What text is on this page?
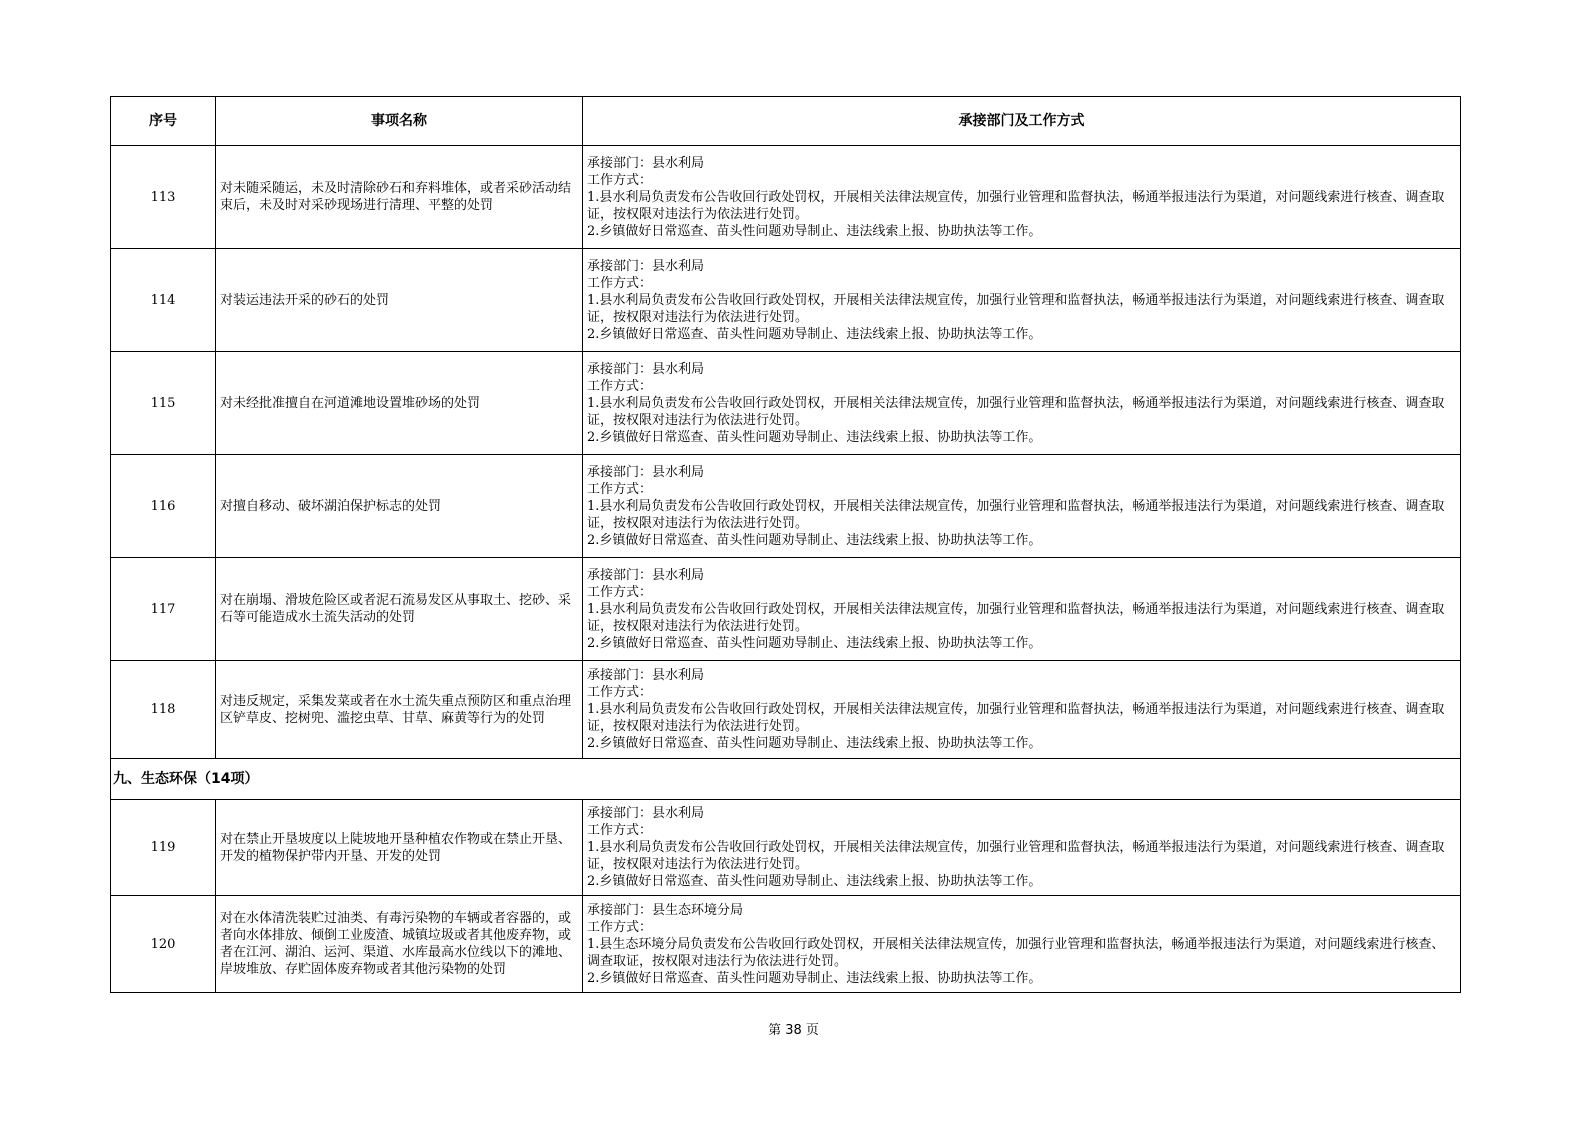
序号	事项名称	承接部门及工作方式
113	对未随采随运，未及时清除砂石和弃料堆体，或者采砂活动结束后，未及时对采砂现场进行清理、平整的处罚	承接部门：县水利局
工作方式：
1.县水利局负责发布公告收回行政处罚权，开展相关法律法规宣传，加强行业管理和监督执法，畅通举报违法行为渠道，对问题线索进行核查、调查取证，按权限对违法行为依法进行处罚。
2.乡镇做好日常巡查、苗头性问题劝导制止、违法线索上报、协助执法等工作。
114	对装运违法开采的砂石的处罚	承接部门：县水利局
工作方式：
1.县水利局负责发布公告收回行政处罚权，开展相关法律法规宣传，加强行业管理和监督执法，畅通举报违法行为渠道，对问题线索进行核查、调查取证，按权限对违法行为依法进行处罚。
2.乡镇做好日常巡查、苗头性问题劝导制止、违法线索上报、协助执法等工作。
115	对未经批准擅自在河道滩地设置堆砂场的处罚	承接部门：县水利局
工作方式：
1.县水利局负责发布公告收回行政处罚权，开展相关法律法规宣传，加强行业管理和监督执法，畅通举报违法行为渠道，对问题线索进行核查、调查取证，按权限对违法行为依法进行处罚。
2.乡镇做好日常巡查、苗头性问题劝导制止、违法线索上报、协助执法等工作。
116	对擅自移动、破坏湖泊保护标志的处罚	承接部门：县水利局
工作方式：
1.县水利局负责发布公告收回行政处罚权，开展相关法律法规宣传，加强行业管理和监督执法，畅通举报违法行为渠道，对问题线索进行核查、调查取证，按权限对违法行为依法进行处罚。
2.乡镇做好日常巡查、苗头性问题劝导制止、违法线索上报、协助执法等工作。
117	对在崩塌、滑坡危险区或者泥石流易发区从事取土、挖砂、采石等可能造成水土流失活动的处罚	承接部门：县水利局
工作方式：
1.县水利局负责发布公告收回行政处罚权，开展相关法律法规宣传，加强行业管理和监督执法，畅通举报违法行为渠道，对问题线索进行核查、调查取证，按权限对违法行为依法进行处罚。
2.乡镇做好日常巡查、苗头性问题劝导制止、违法线索上报、协助执法等工作。
118	对违反规定，采集发菜或者在水土流失重点预防区和重点治理区铲草皮、挖树兜、滥挖虫草、甘草、麻黄等行为的处罚	承接部门：县水利局
工作方式：
1.县水利局负责发布公告收回行政处罚权，开展相关法律法规宣传，加强行业管理和监督执法，畅通举报违法行为渠道，对问题线索进行核查、调查取证，按权限对违法行为依法进行处罚。
2.乡镇做好日常巡查、苗头性问题劝导制止、违法线索上报、协助执法等工作。
九、生态环保（14项）		
119	对在禁止开垦坡度以上陡坡地开垦种植农作物或在禁止开垦、开发的植物保护带内开垦、开发的处罚	承接部门：县水利局
工作方式：
1.县水利局负责发布公告收回行政处罚权，开展相关法律法规宣传，加强行业管理和监督执法，畅通举报违法行为渠道，对问题线索进行核查、调查取证，按权限对违法行为依法进行处罚。
2.乡镇做好日常巡查、苗头性问题劝导制止、违法线索上报、协助执法等工作。
120	对在水体清洗装贮过油类、有毒污染物的车辆或者容器的，或者向水体排放、倾倒工业废渣、城镇垃圾或者其他废弃物，或者在江河、湖泊、运河、渠道、水库最高水位线以下的滩地、岸坡堆放、存贮固体废弃物或者其他污染物的处罚	承接部门：县生态环境分局
工作方式：
1.县生态环境分局负责发布公告收回行政处罚权，开展相关法律法规宣传，加强行业管理和监督执法，畅通举报违法行为渠道，对问题线索进行核查、调查取证，按权限对违法行为依法进行处罚。
2.乡镇做好日常巡查、苗头性问题劝导制止、违法线索上报、协助执法等工作。
第 38 页
